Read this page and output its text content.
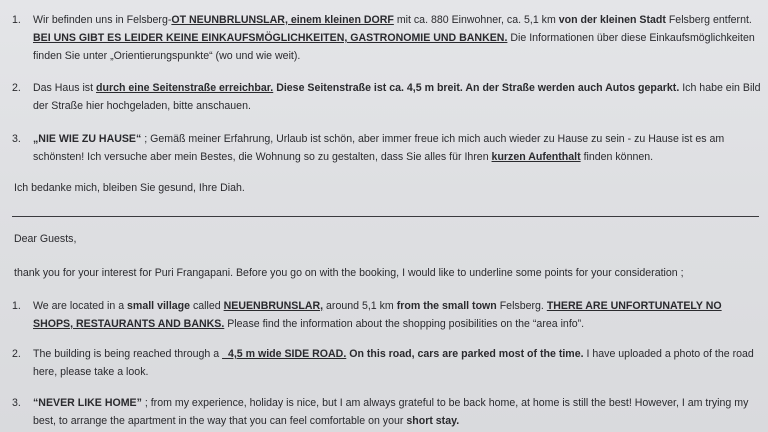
1.	Wir befinden uns in Felsberg-OT NEUNBRLUNSLAR, einem kleinen DORF mit ca. 880 Einwohner, ca. 5,1 km von der kleinen Stadt Felsberg entfernt. BEI UNS GIBT ES LEIDER KEINE EINKAUFSMÖGLICHKEITEN, GASTRONOMIE UND BANKEN. Die Informationen über diese Einkaufsmöglichkeiten finden Sie unter „Orientierungspunkte“ (wo und wie weit).
2.	Das Haus ist durch eine Seitenstraße erreichbar. Diese Seitenstraße ist ca. 4,5 m breit. An der Straße werden auch Autos geparkt. Ich habe ein Bild der Straße hier hochgeladen, bitte anschauen.
3.	„NIE WIE ZU HAUSE“ ; Gemäß meiner Erfahrung, Urlaub ist schön, aber immer freue ich mich auch wieder zu Hause zu sein - zu Hause ist es am schönsten! Ich versuche aber mein Bestes, die Wohnung so zu gestalten, dass Sie alles für Ihren kurzen Aufenthalt finden können.
Ich bedanke mich, bleiben Sie gesund, Ihre Diah.
Dear Guests,
thank you for your interest for Puri Frangapani. Before you go on with the booking, I would like to underline some points for your consideration ;
1.	We are located in a small village called NEUENBRUNSLAR, around 5,1 km from the small town Felsberg. THERE ARE UNFORTUNATELY NO SHOPS, RESTAURANTS AND BANKS. Please find the information about the shopping posibilities on the “area info”.
2.	The building is being reached through a _4,5 m wide SIDE ROAD. On this road, cars are parked most of the time. I have uploaded a photo of the road here, please take a look.
3.	“NEVER LIKE HOME” ; from my experience, holiday is nice, but I am always grateful to be back home, at home is still the best! However, I am trying my best, to arrange the apartment in the way that you can feel comfortable on your short stay.
